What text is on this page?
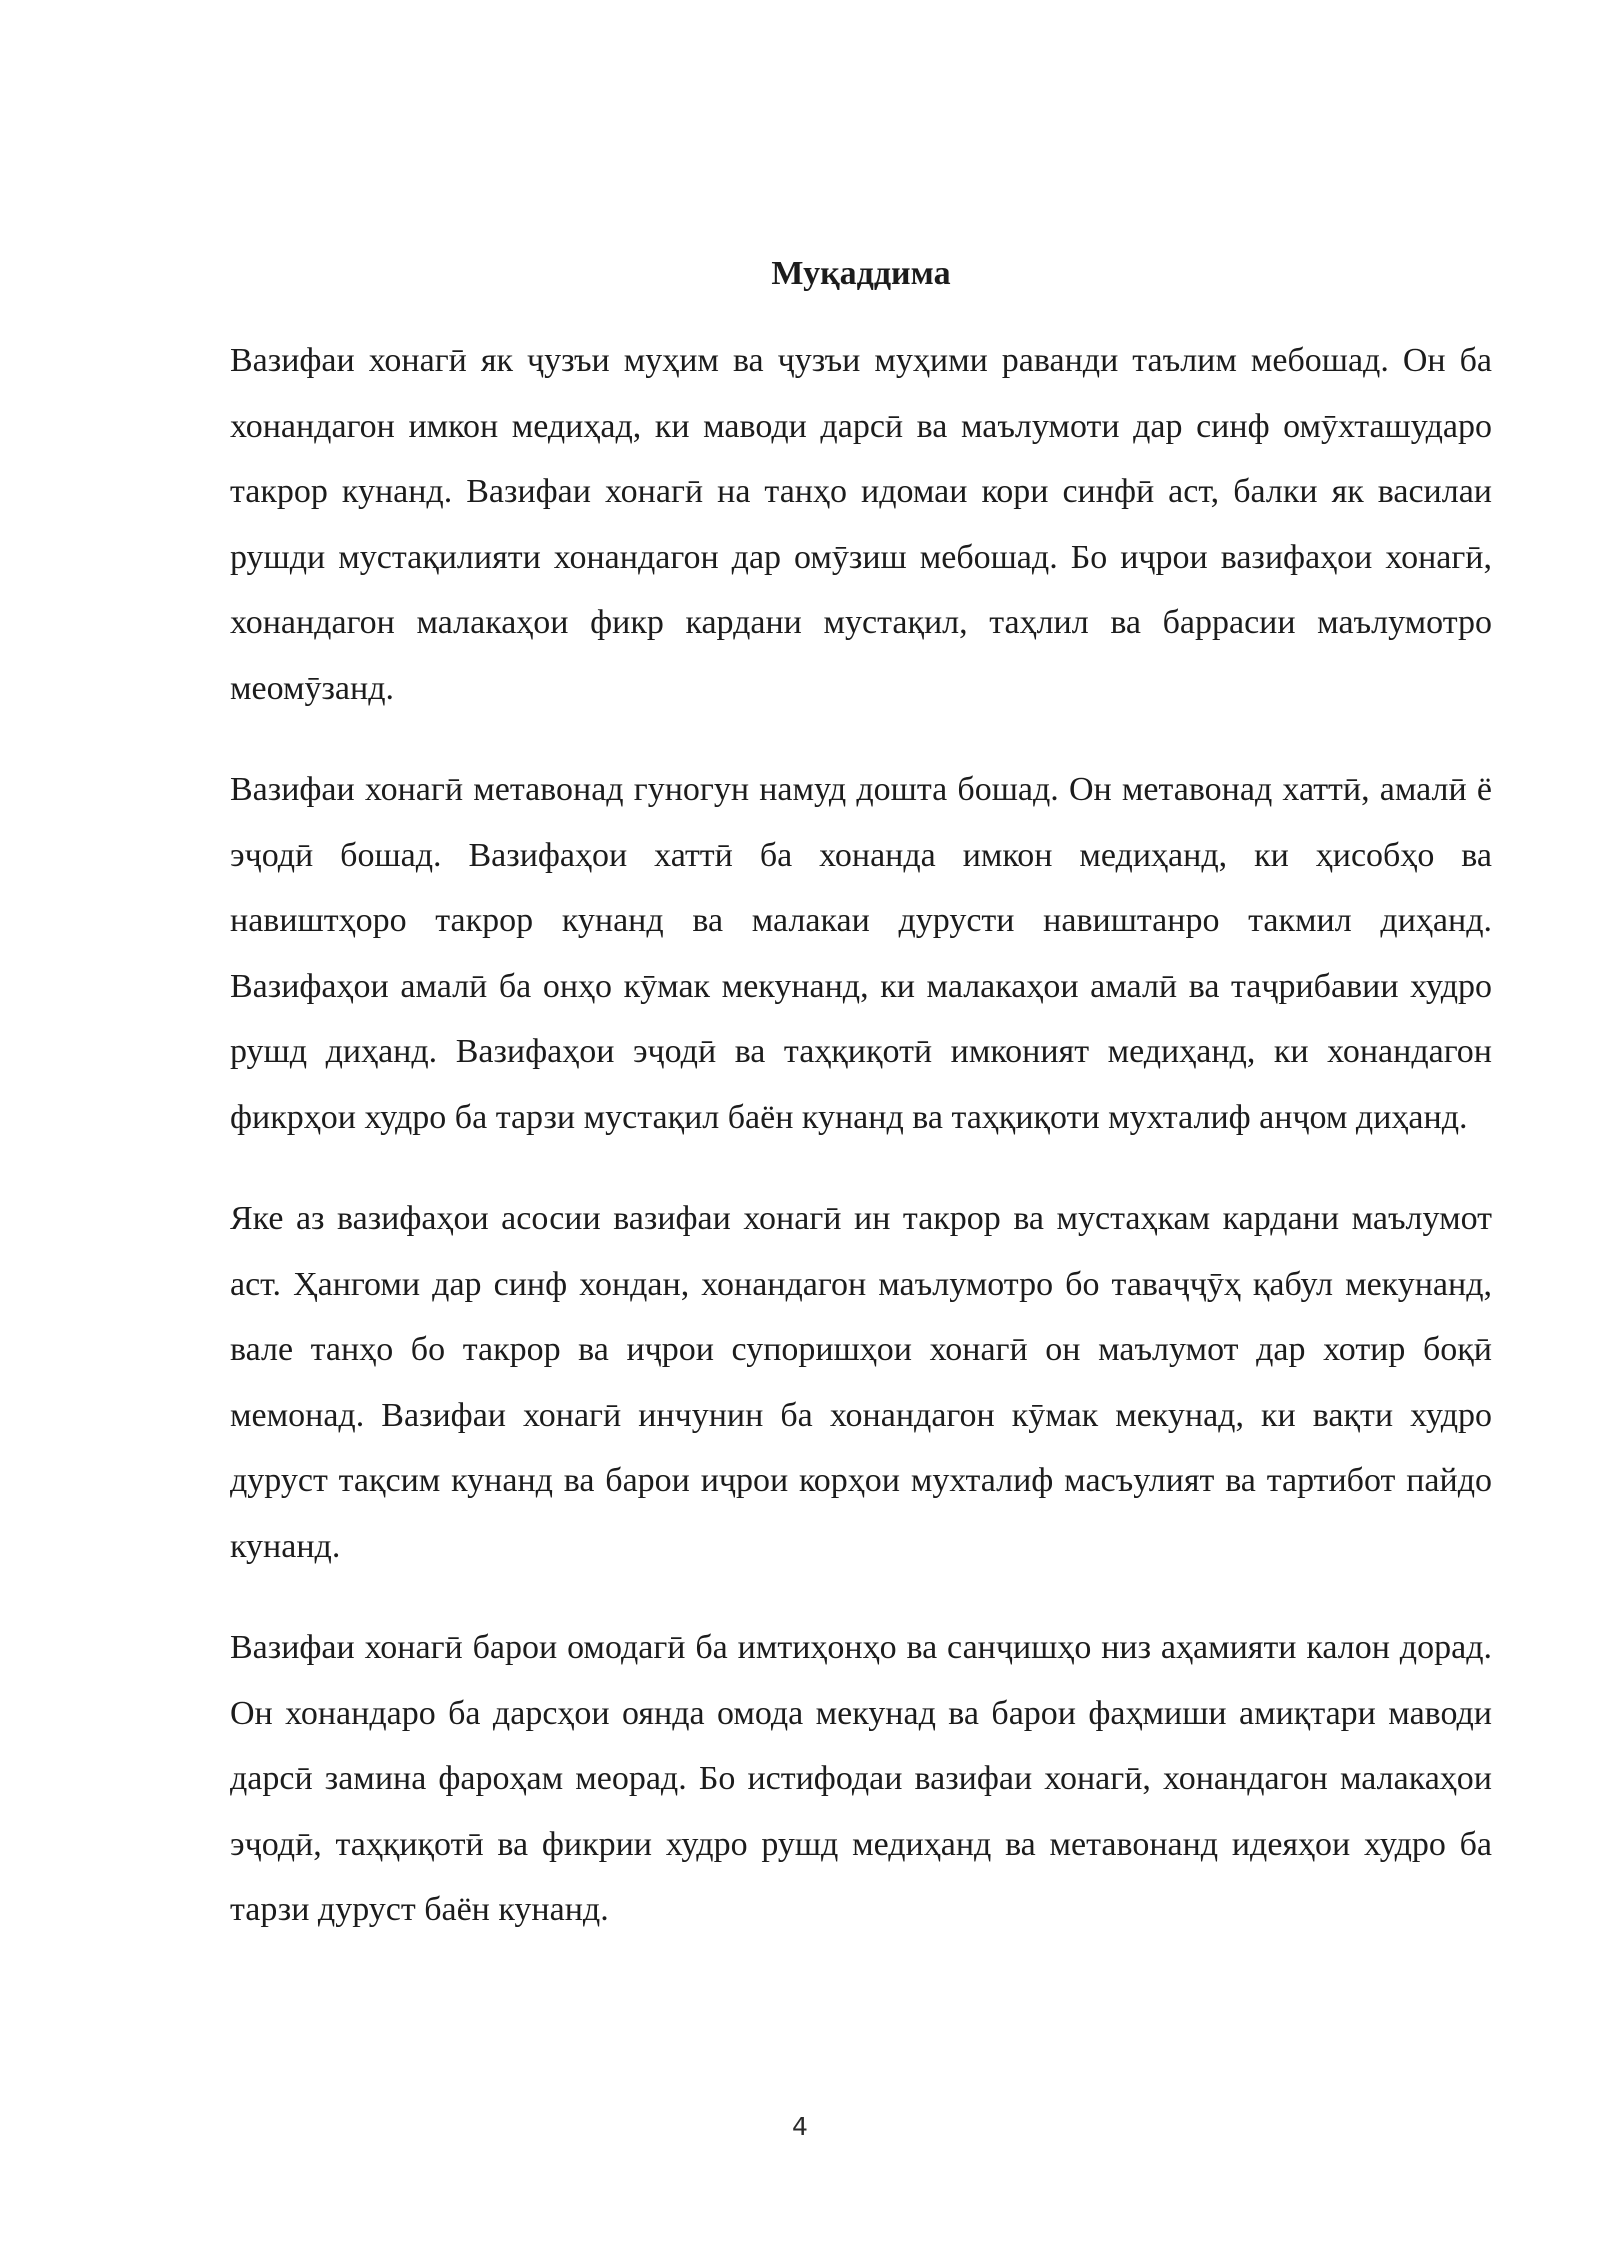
Муқаддима

Вазифаи хонагӣ як ҷузъи муҳим ва ҷузъи муҳими раванди таълим мебошад. Он ба хонандагон имкон медиҳад, ки маводи дарсӣ ва маълумоти дар синф омӯхташударо такрор кунанд. Вазифаи хонагӣ на танҳо идомаи кори синфӣ аст, балки як василаи рушди мустақилияти хонандагон дар омӯзиш мебошад. Бо иҷрои вазифаҳои хонагӣ, хонандагон малакаҳои фикр кардани мустақил, таҳлил ва баррасии маълумотро меомӯзанд.

Вазифаи хонагӣ метавонад гуногун намуд дошта бошад. Он метавонад хаттӣ, амалӣ ё эҷодӣ бошад. Вазифаҳои хаттӣ ба хонанда имкон медиҳанд, ки ҳисобҳо ва навиштҳоро такрор кунанд ва малакаи дурусти навиштанро такмил диҳанд. Вазифаҳои амалӣ ба онҳо кӯмак мекунанд, ки малакаҳои амалӣ ва таҷрибавии худро рушд диҳанд. Вазифаҳои эҷодӣ ва таҳқиқотӣ имконият медиҳанд, ки хонандагон фикрҳои худро ба тарзи мустақил баён кунанд ва таҳқиқоти мухталиф анҷом диҳанд.

Яке аз вазифаҳои асосии вазифаи хонагӣ ин такрор ва мустаҳкам кардани маълумот аст. Ҳангоми дар синф хондан, хонандагон маълумотро бо таваҷҷӯҳ қабул мекунанд, вале танҳо бо такрор ва иҷрои супоришҳои хонагӣ он маълумот дар хотир боқӣ мемонад. Вазифаи хонагӣ инчунин ба хонандагон кӯмак мекунад, ки вақти худро дуруст тақсим кунанд ва барои иҷрои корҳои мухталиф масъулият ва тартибот пайдо кунанд.

Вазифаи хонагӣ барои омодагӣ ба имтиҳонҳо ва санҷишҳо низ аҳамияти калон дорад. Он хонандаро ба дарсҳои оянда омода мекунад ва барои фаҳмиши амиқтари маводи дарсӣ замина фароҳам меорад. Бо истифодаи вазифаи хонагӣ, хонандагон малакаҳои эҷодӣ, таҳқиқотӣ ва фикрии худро рушд медиҳанд ва метавонанд идеяҳои худро ба тарзи дуруст баён кунанд.

4
